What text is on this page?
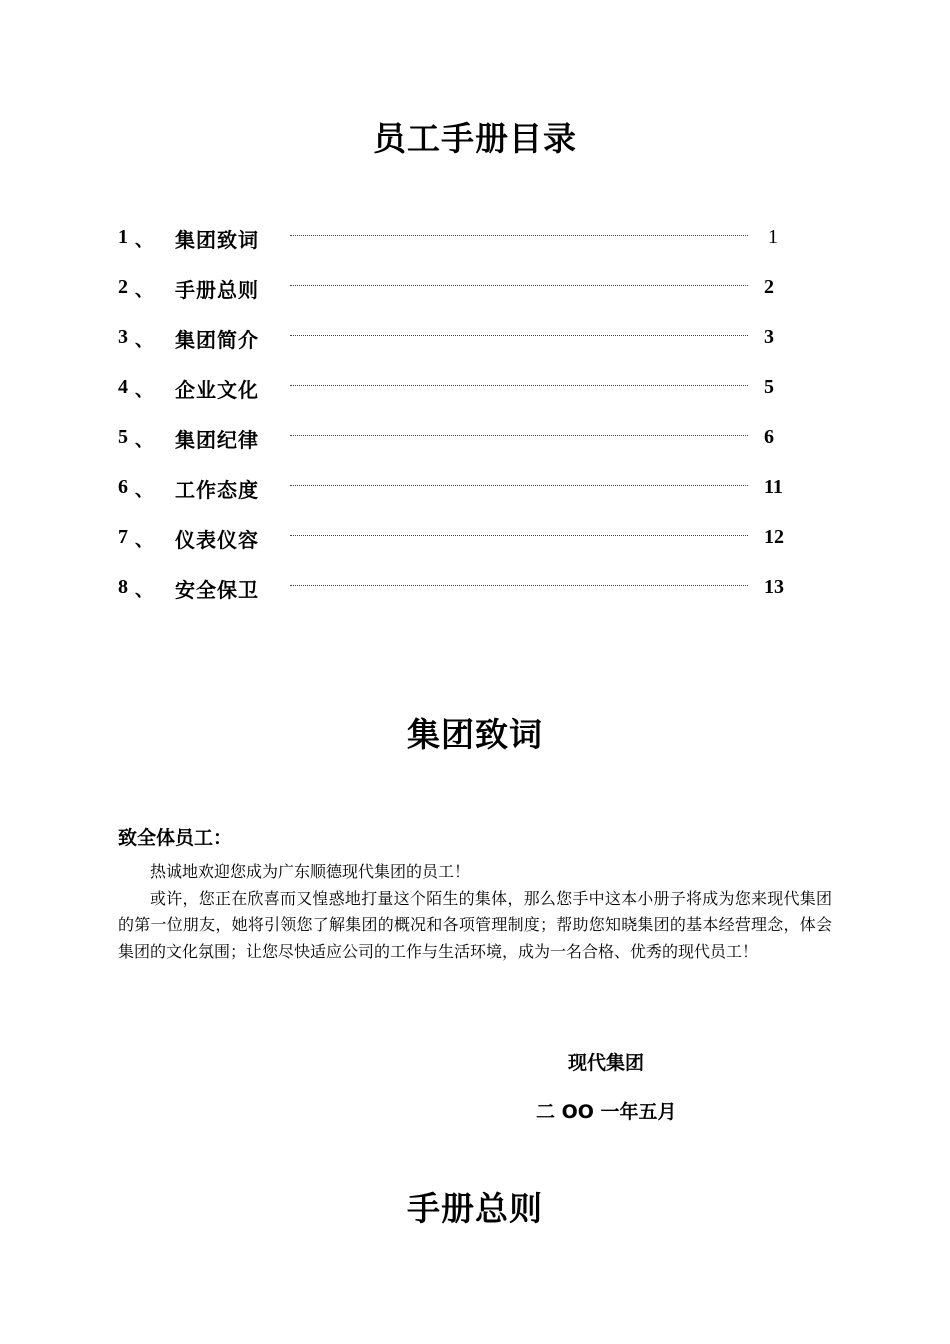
员工手册目录
1 、 集团致词	1
2 、 手册总则	2
3 、 集团简介	3
4 、 企业文化	5
5 、 集团纪律	6
6 、 工作态度	11
7 、 仪表仪容	12
8 、 安全保卫	13
集团致词
致全体员工：

热诚地欢迎您成为广东顺德现代集团的员工！

或许，您正在欣喜而又惶惑地打量这个陌生的集体，那么您手中这本小册子将成为您来现代集团的第一位朋友，她将引领您了解集团的概况和各项管理制度；帮助您知晓集团的基本经营理念，体会集团的文化氛围；让您尽快适应公司的工作与生活环境，成为一名合格、优秀的现代员工！

现代集团
二 OO 一年五月
手册总则
